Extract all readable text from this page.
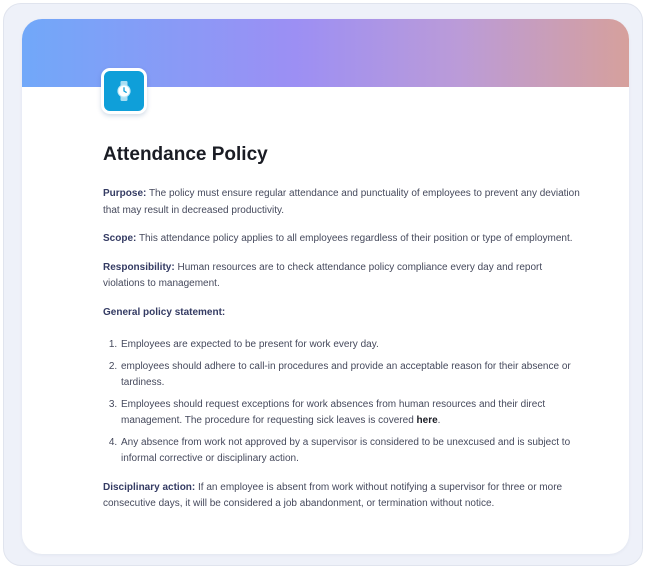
Attendance Policy

Purpose: The policy must ensure regular attendance and punctuality of employees to prevent any deviation that may result in decreased productivity.

Scope: This attendance policy applies to all employees regardless of their position or type of employment.

Responsibility: Human resources are to check attendance policy compliance every day and report violations to management.

General policy statement:

1. Employees are expected to be present for work every day.
2. employees should adhere to call-in procedures and provide an acceptable reason for their absence or tardiness.
3. Employees should request exceptions for work absences from human resources and their direct management. The procedure for requesting sick leaves is covered here.
4. Any absence from work not approved by a supervisor is considered to be unexcused and is subject to informal corrective or disciplinary action.

Disciplinary action: If an employee is absent from work without notifying a supervisor for three or more consecutive days, it will be considered a job abandonment, or termination without notice.
